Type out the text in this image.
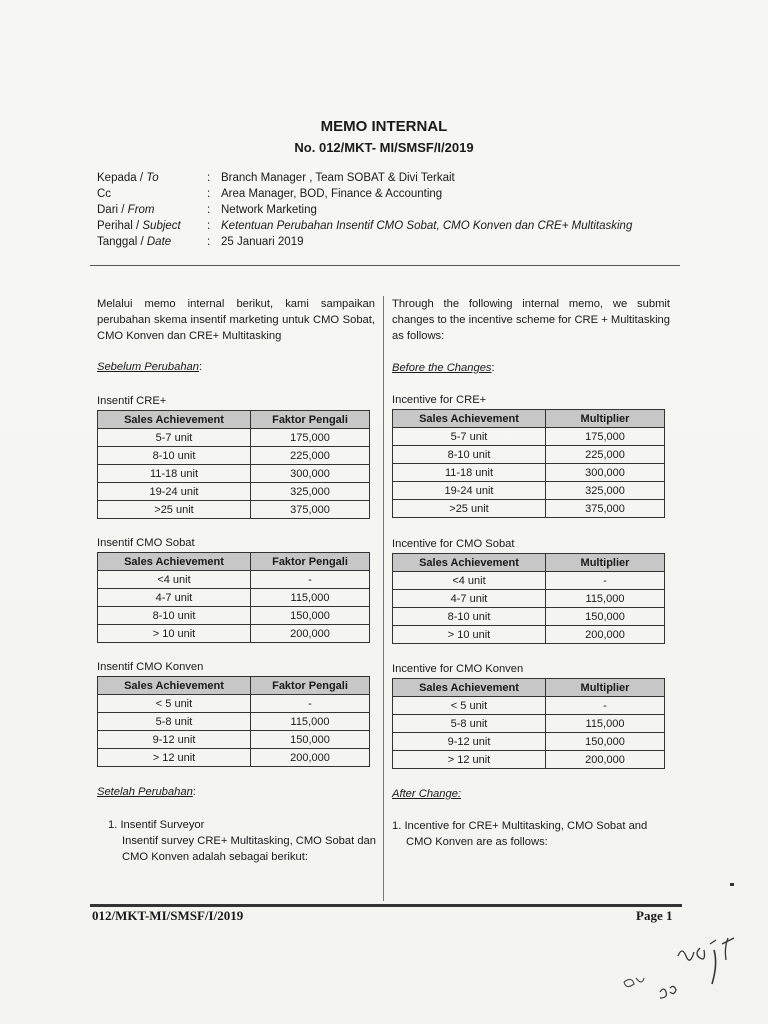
MEMO INTERNAL
No. 012/MKT- MI/SMSF/I/2019
Kepada / To	: Branch Manager , Team SOBAT & Divi Terkait
Cc	: Area Manager, BOD, Finance & Accounting
Dari / From	: Network Marketing
Perihal / Subject	: Ketentuan Perubahan Insentif CMO Sobat, CMO Konven dan CRE+ Multitasking
Tanggal / Date	: 25 Januari 2019
Melalui memo internal berikut, kami sampaikan perubahan skema insentif marketing untuk CMO Sobat, CMO Konven dan CRE+ Multitasking
Sebelum Perubahan:
Insentif CRE+
Sales Achievement	Faktor Pengali
5-7 unit	175,000
8-10 unit	225,000
11-18 unit	300,000
19-24 unit	325,000
>25 unit	375,000
Insentif CMO Sobat
Sales Achievement	Faktor Pengali
<4 unit	-
4-7 unit	115,000
8-10 unit	150,000
> 10 unit	200,000
Insentif CMO Konven
Sales Achievement	Faktor Pengali
< 5 unit	-
5-8 unit	115,000
9-12 unit	150,000
> 12 unit	200,000
Setelah Perubahan:
1. Insentif Surveyor
Insentif survey CRE+ Multitasking, CMO Sobat dan CMO Konven adalah sebagai berikut:
Through the following internal memo, we submit changes to the incentive scheme for CRE + Multitasking as follows:
Before the Changes:
Incentive for CRE+
Sales Achievement	Multiplier
5-7 unit	175,000
8-10 unit	225,000
11-18 unit	300,000
19-24 unit	325,000
>25 unit	375,000
Incentive for CMO Sobat
Sales Achievement	Multiplier
<4 unit	-
4-7 unit	115,000
8-10 unit	150,000
> 10 unit	200,000
Incentive for CMO Konven
Sales Achievement	Multiplier
< 5 unit	-
5-8 unit	115,000
9-12 unit	150,000
> 12 unit	200,000
After Change:
1. Incentive for CRE+ Multitasking, CMO Sobat and CMO Konven are as follows:
012/MKT-MI/SMSF/I/2019	Page 1
